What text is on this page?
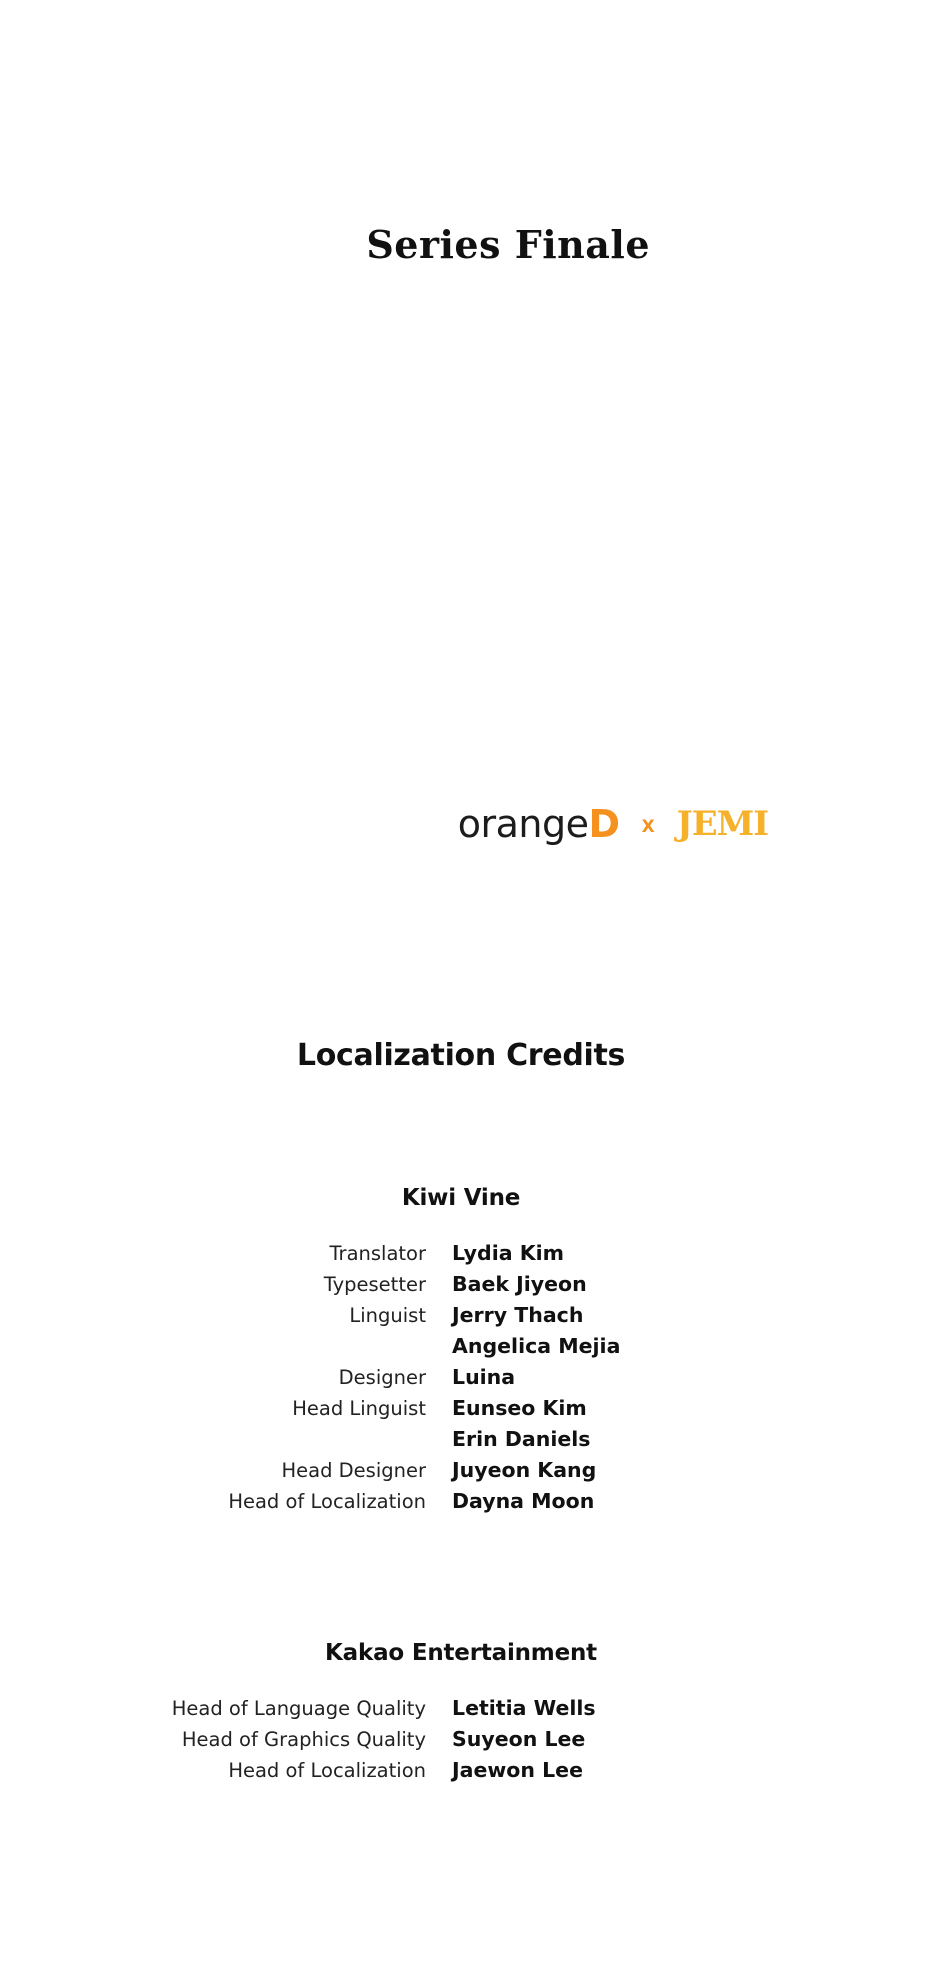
Series Finale
orangeD X JEMI
Localization Credits
Kiwi Vine
Translator	Lydia Kim
Typesetter	Baek Jiyeon
Linguist	Jerry Thach
Angelica Mejia
Designer	Luina
Head Linguist	Eunseo Kim
Erin Daniels
Head Designer	Juyeon Kang
Head of Localization	Dayna Moon
Kakao Entertainment
Head of Language Quality	Letitia Wells
Head of Graphics Quality	Suyeon Lee
Head of Localization	Jaewon Lee
